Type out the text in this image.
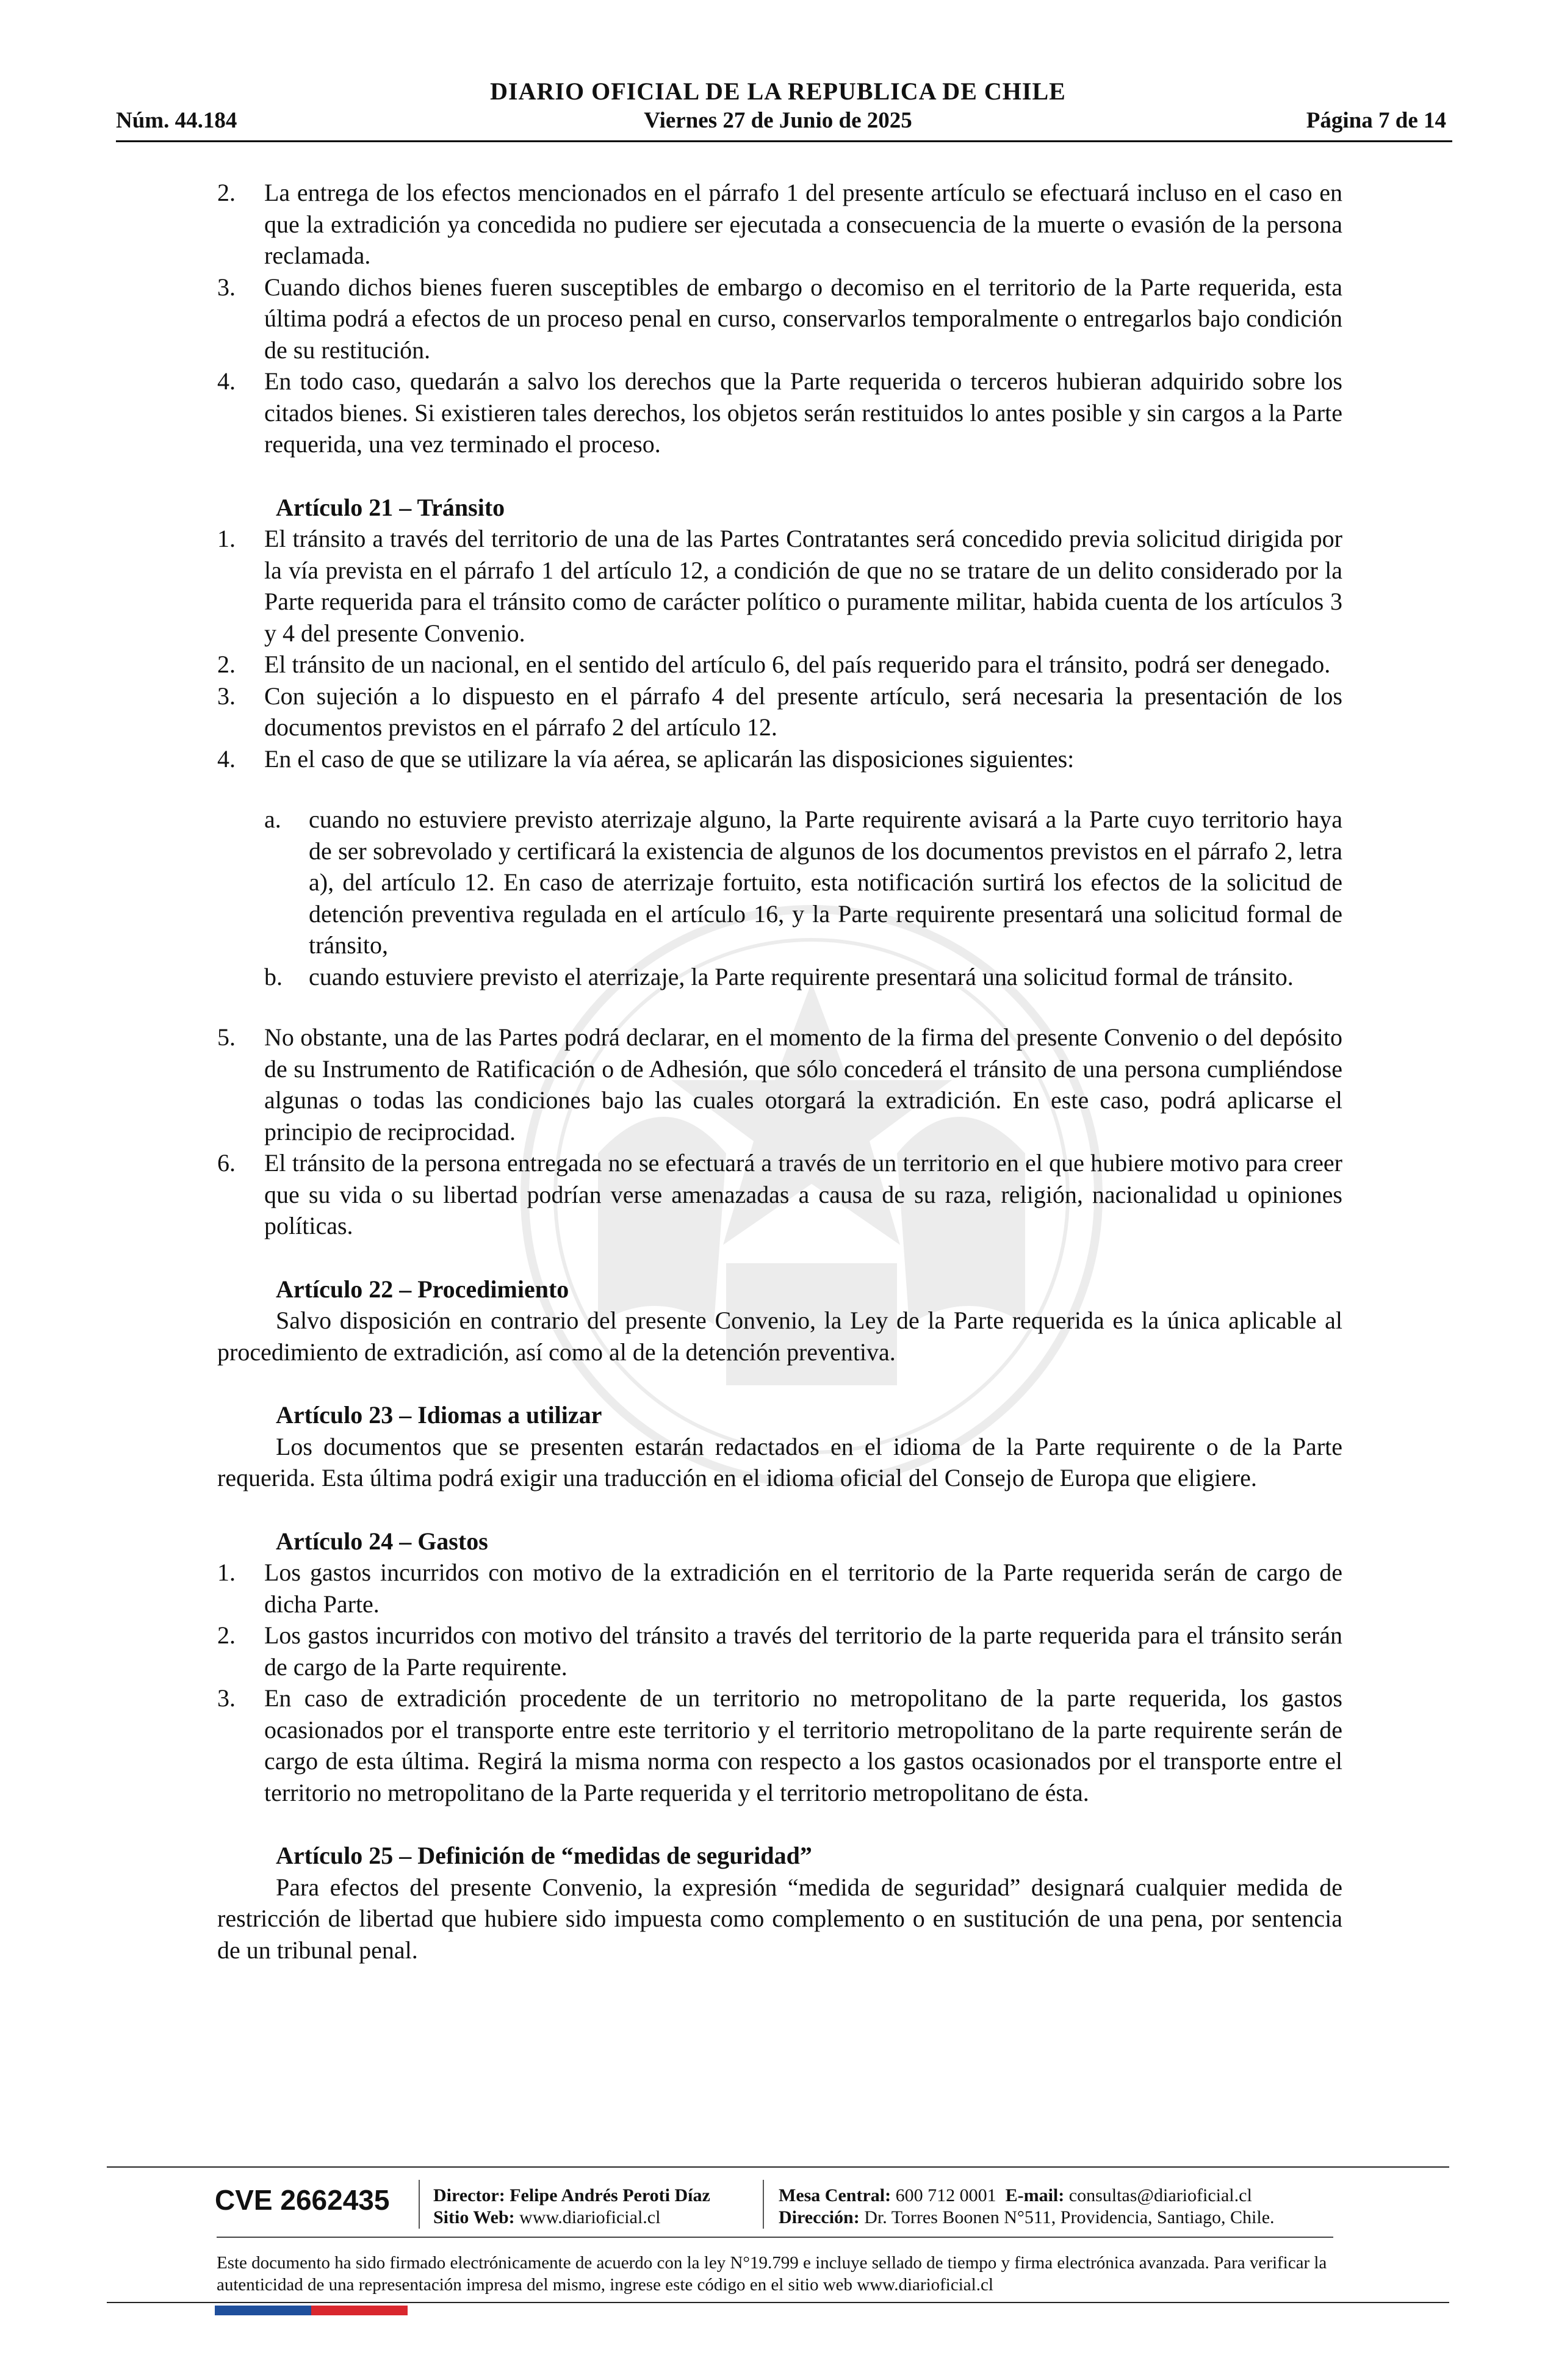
DIARIO OFICIAL DE LA REPUBLICA DE CHILE
Núm. 44.184	Viernes 27 de Junio de 2025	Página 7 de 14
2. La entrega de los efectos mencionados en el párrafo 1 del presente artículo se efectuará incluso en el caso en que la extradición ya concedida no pudiere ser ejecutada a consecuencia de la muerte o evasión de la persona reclamada.
3. Cuando dichos bienes fueren susceptibles de embargo o decomiso en el territorio de la Parte requerida, esta última podrá a efectos de un proceso penal en curso, conservarlos temporalmente o entregarlos bajo condición de su restitución.
4. En todo caso, quedarán a salvo los derechos que la Parte requerida o terceros hubieran adquirido sobre los citados bienes. Si existieren tales derechos, los objetos serán restituidos lo antes posible y sin cargos a la Parte requerida, una vez terminado el proceso.
Artículo 21 – Tránsito
1. El tránsito a través del territorio de una de las Partes Contratantes será concedido previa solicitud dirigida por la vía prevista en el párrafo 1 del artículo 12, a condición de que no se tratare de un delito considerado por la Parte requerida para el tránsito como de carácter político o puramente militar, habida cuenta de los artículos 3 y 4 del presente Convenio.
2. El tránsito de un nacional, en el sentido del artículo 6, del país requerido para el tránsito, podrá ser denegado.
3. Con sujeción a lo dispuesto en el párrafo 4 del presente artículo, será necesaria la presentación de los documentos previstos en el párrafo 2 del artículo 12.
4. En el caso de que se utilizare la vía aérea, se aplicarán las disposiciones siguientes:
a. cuando no estuviere previsto aterrizaje alguno, la Parte requirente avisará a la Parte cuyo territorio haya de ser sobrevolado y certificará la existencia de algunos de los documentos previstos en el párrafo 2, letra a), del artículo 12. En caso de aterrizaje fortuito, esta notificación surtirá los efectos de la solicitud de detención preventiva regulada en el artículo 16, y la Parte requirente presentará una solicitud formal de tránsito,
b. cuando estuviere previsto el aterrizaje, la Parte requirente presentará una solicitud formal de tránsito.
5. No obstante, una de las Partes podrá declarar, en el momento de la firma del presente Convenio o del depósito de su Instrumento de Ratificación o de Adhesión, que sólo concederá el tránsito de una persona cumpliéndose algunas o todas las condiciones bajo las cuales otorgará la extradición. En este caso, podrá aplicarse el principio de reciprocidad.
6. El tránsito de la persona entregada no se efectuará a través de un territorio en el que hubiere motivo para creer que su vida o su libertad podrían verse amenazadas a causa de su raza, religión, nacionalidad u opiniones políticas.
Artículo 22 – Procedimiento
Salvo disposición en contrario del presente Convenio, la Ley de la Parte requerida es la única aplicable al procedimiento de extradición, así como al de la detención preventiva.
Artículo 23 – Idiomas a utilizar
Los documentos que se presenten estarán redactados en el idioma de la Parte requirente o de la Parte requerida. Esta última podrá exigir una traducción en el idioma oficial del Consejo de Europa que eligiere.
Artículo 24 – Gastos
1. Los gastos incurridos con motivo de la extradición en el territorio de la Parte requerida serán de cargo de dicha Parte.
2. Los gastos incurridos con motivo del tránsito a través del territorio de la parte requerida para el tránsito serán de cargo de la Parte requirente.
3. En caso de extradición procedente de un territorio no metropolitano de la parte requerida, los gastos ocasionados por el transporte entre este territorio y el territorio metropolitano de la parte requirente serán de cargo de esta última. Regirá la misma norma con respecto a los gastos ocasionados por el transporte entre el territorio no metropolitano de la Parte requerida y el territorio metropolitano de ésta.
Artículo 25 – Definición de “medidas de seguridad”
Para efectos del presente Convenio, la expresión “medida de seguridad” designará cualquier medida de restricción de libertad que hubiere sido impuesta como complemento o en sustitución de una pena, por sentencia de un tribunal penal.
CVE 2662435 Director: Felipe Andrés Peroti Díaz
Sitio Web: www.diarioficial.cl
Mesa Central: 600 712 0001 E-mail: consultas@diarioficial.cl
Dirección: Dr. Torres Boonen N°511, Providencia, Santiago, Chile.
Este documento ha sido firmado electrónicamente de acuerdo con la ley N°19.799 e incluye sellado de tiempo y firma electrónica avanzada. Para verificar la autenticidad de una representación impresa del mismo, ingrese este código en el sitio web www.diarioficial.cl
